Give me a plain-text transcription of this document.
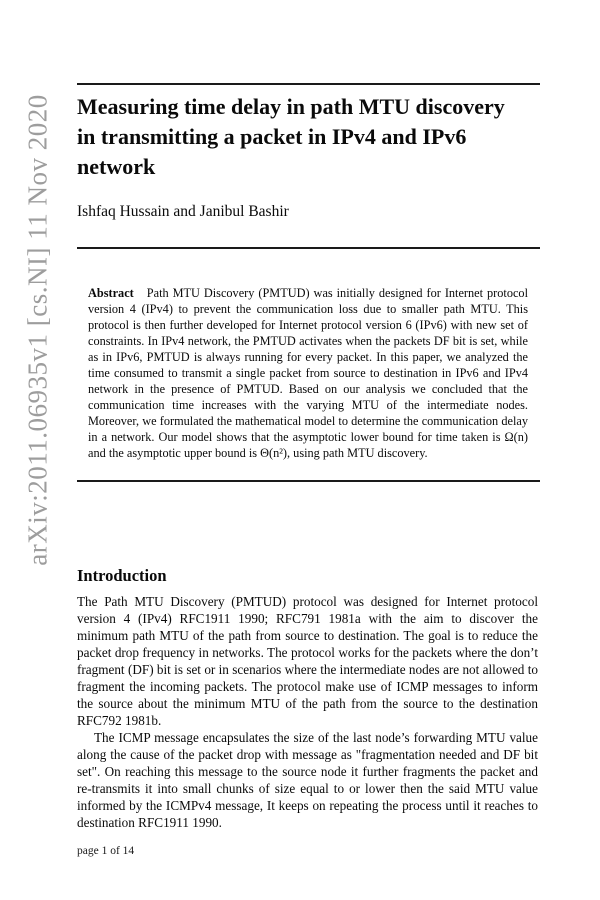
arXiv:2011.06935v1 [cs.NI] 11 Nov 2020 Measuring time delay in path MTU discovery
in transmitting a packet in IPv4 and IPv6
network
Ishfaq Hussain and Janibul Bashir
Abstract Path MTU Discovery (PMTUD) was initially designed for Internet protocol version 4 (IPv4) to prevent the communication loss due to smaller path MTU. This protocol is then further developed for Internet protocol version 6 (IPv6) with new set of constraints. In IPv4 network, the PMTUD activates when the packets DF bit is set, while as in IPv6, PMTUD is always running for every packet. In this paper, we analyzed the time consumed to transmit a single packet from source to destination in IPv6 and IPv4 network in the presence of PMTUD. Based on our analysis we concluded that the communication time increases with the varying MTU of the intermediate nodes. Moreover, we formulated the mathematical model to determine the communication delay in a network. Our model shows that the asymptotic lower bound for time taken is Ω(n) and the asymptotic upper bound is Θ(n²), using path MTU discovery.
Introduction

The Path MTU Discovery (PMTUD) protocol was designed for Internet protocol version 4 (IPv4) RFC1911 1990; RFC791 1981a with the aim to discover the minimum path MTU of the path from source to destination. The goal is to reduce the packet drop frequency in networks. The protocol works for the packets where the don’t fragment (DF) bit is set or in scenarios where the intermediate nodes are not allowed to fragment the incoming packets. The protocol make use of ICMP messages to inform the source about the minimum MTU of the path from the source to the destination RFC792 1981b.

The ICMP message encapsulates the size of the last node’s forwarding MTU value along the cause of the packet drop with message as "fragmentation needed and DF bit set". On reaching this message to the source node it further fragments the packet and re-transmits it into small chunks of size equal to or lower then the said MTU value informed by the ICMPv4 message, It keeps on repeating the process until it reaches to destination RFC1911 1990.

page 1 of 14
